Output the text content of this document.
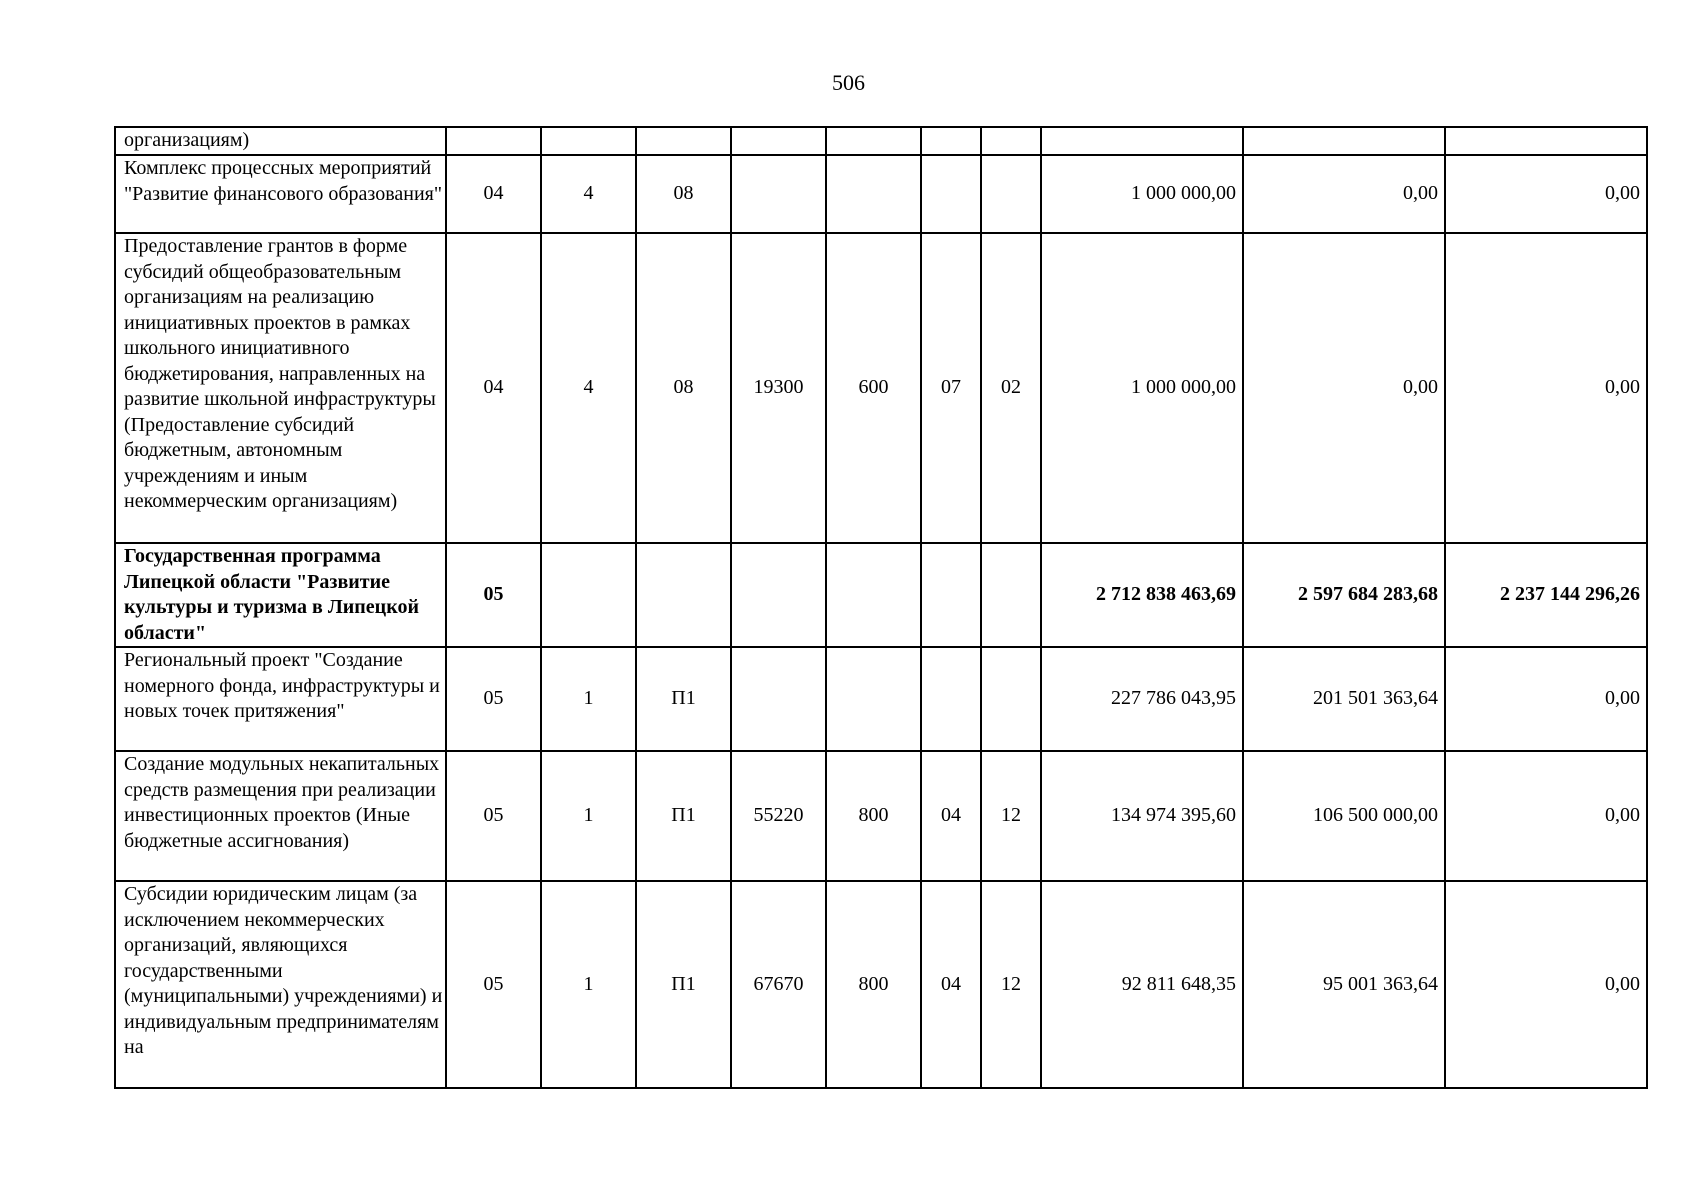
506
организациям)										
Комплекс процессных мероприятий "Развитие финансового образования"	04	4	08					1 000 000,00	0,00	0,00
Предоставление грантов в форме субсидий общеобразовательным организациям на реализацию инициативных проектов в рамках школьного инициативного бюджетирования, направленных на развитие школьной инфраструктуры (Предоставление субсидий бюджетным, автономным учреждениям и иным некоммерческим организациям)	04	4	08	19300	600	07	02	1 000 000,00	0,00	0,00
Государственная программа Липецкой области "Развитие культуры и туризма в Липецкой области"	05							2 712 838 463,69	2 597 684 283,68	2 237 144 296,26
Региональный проект "Создание номерного фонда, инфраструктуры и новых точек притяжения"	05	1	П1					227 786 043,95	201 501 363,64	0,00
Создание модульных некапитальных средств размещения при реализации инвестиционных проектов (Иные бюджетные ассигнования)	05	1	П1	55220	800	04	12	134 974 395,60	106 500 000,00	0,00
Субсидии юридическим лицам (за исключением некоммерческих организаций, являющихся государственными (муниципальными) учреждениями) и индивидуальным предпринимателям на	05	1	П1	67670	800	04	12	92 811 648,35	95 001 363,64	0,00
